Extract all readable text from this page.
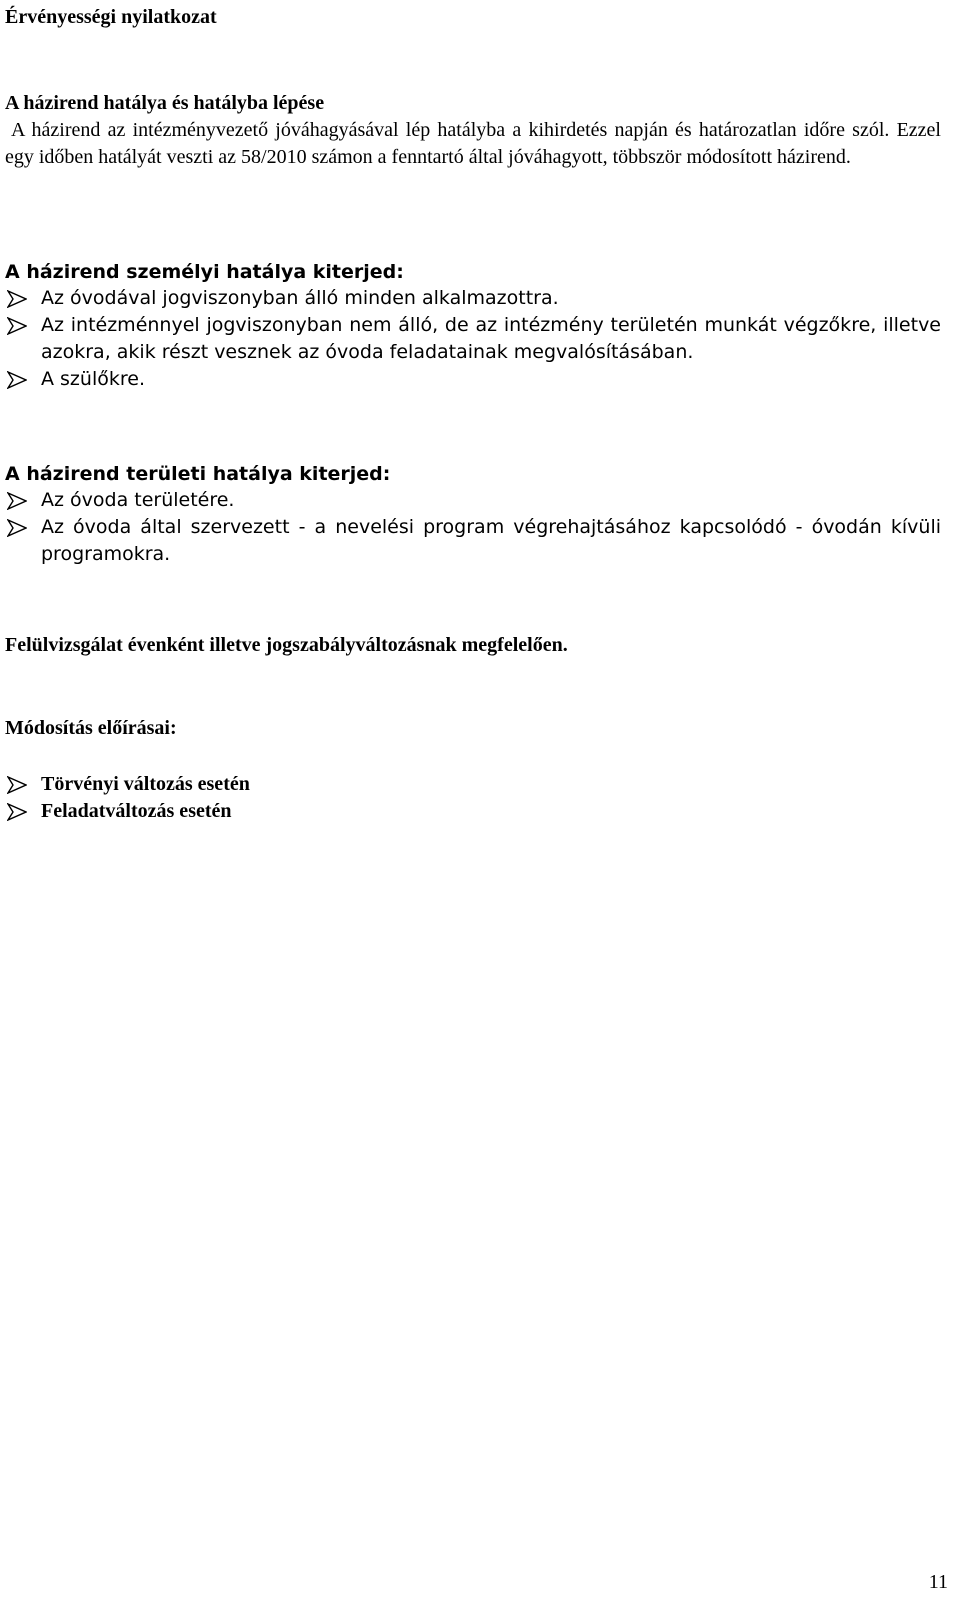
Érvényességi nyilatkozat
A házirend hatálya és hatályba lépése

A házirend az intézményvezető jóváhagyásával lép hatályba a kihirdetés napján és határozatlan időre szól. Ezzel egy időben hatályát veszti az 58/2010 számon a fenntartó által jóváhagyott, többször módosított házirend.

A házirend személyi hatálya kiterjed:
Az óvodával jogviszonyban álló minden alkalmazottra.
Az intézménnyel jogviszonyban nem álló, de az intézmény területén munkát végzőkre, illetve azokra, akik részt vesznek az óvoda feladatainak megvalósításában.
A szülőkre.
A házirend területi hatálya kiterjed:
Az óvoda területére.
Az óvoda által szervezett - a nevelési program végrehajtásához kapcsolódó - óvodán kívüli programokra.
Felülvizsgálat évenként illetve jogszabályváltozásnak megfelelően.
Módosítás előírásai:
Törvényi változás esetén
Feladatváltozás esetén
11
